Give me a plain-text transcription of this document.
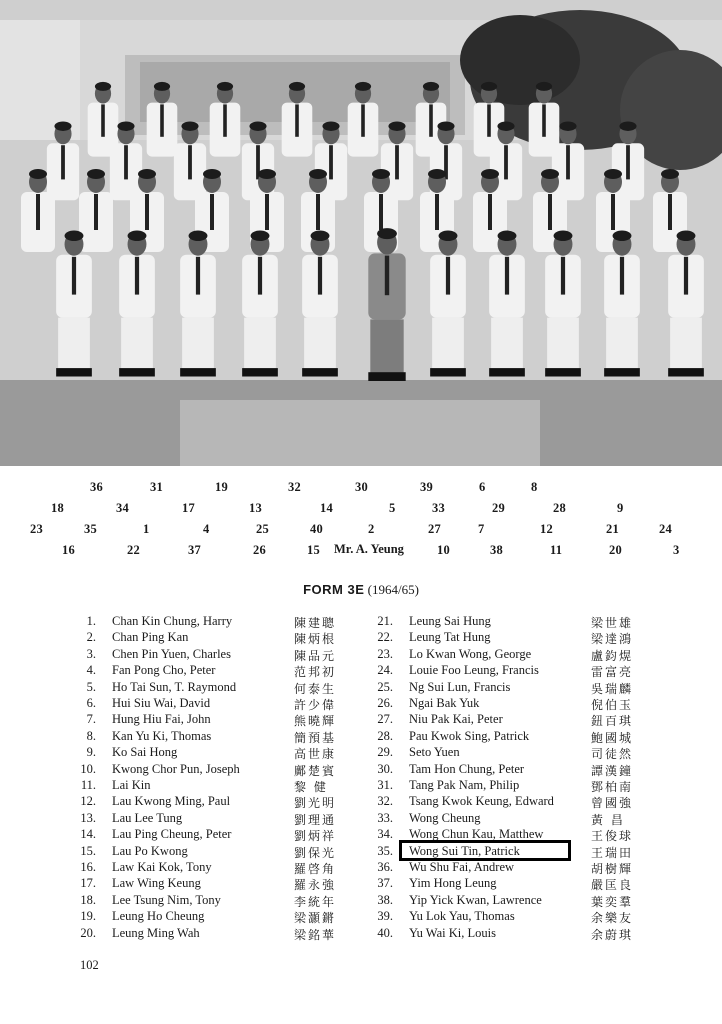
36	31	19	32	30	39	6	8
18	34	17	13	14	5	33	29	28	9
23	35	1	4	25	40	2	27	7	12	21	24
16	22	37	26	15	10	38	11	20	3
Mr. A. Yeung
FORM 3E (1964/65)
1. Chan Kin Chung, Harry	陳建聰
2. Chan Ping Kan	陳炳根
3. Chen Pin Yuen, Charles	陳品元
4. Fan Pong Cho, Peter	范邦初
5. Ho Tai Sun, T. Raymond	何泰生
6. Hui Siu Wai, David	許少偉
7. Hung Hiu Fai, John	熊曉輝
8. Kan Yu Ki, Thomas	簡預基
9. Ko Sai Hong	高世康
10. Kwong Chor Pun, Joseph	鄺楚賓
11. Lai Kin	黎 健
12. Lau Kwong Ming, Paul	劉光明
13. Lau Lee Tung	劉理通
14. Lau Ping Cheung, Peter	劉炳祥
15. Lau Po Kwong	劉保光
16. Law Kai Kok, Tony	羅啓角
17. Law Wing Keung	羅永強
18. Lee Tsung Nim, Tony	李統年
19. Leung Ho Cheung	梁灝鏘
20. Leung Ming Wah	梁銘華
21. Leung Sai Hung	梁世雄
22. Leung Tat Hung	梁達鴻
23. Lo Kwan Wong, George	盧鈞熀
24. Louie Foo Leung, Francis	雷富亮
25. Ng Sui Lun, Francis	吳瑞麟
26. Ngai Bak Yuk	倪伯玉
27. Niu Pak Kai, Peter	鈕百琪
28. Pau Kwok Sing, Patrick	鮑國城
29. Seto Yuen	司徒然
30. Tam Hon Chung, Peter	譚漢鐘
31. Tang Pak Nam, Philip	鄧柏南
32. Tsang Kwok Keung, Edward	曾國強
33. Wong Cheung	黃 昌
34. Wong Chun Kau, Matthew	王俊球
35. Wong Sui Tin, Patrick	王瑞田
36. Wu Shu Fai, Andrew	胡樹輝
37. Yim Hong Leung	嚴匡良
38. Yip Yick Kwan, Lawrence	葉奕羣
39. Yu Lok Yau, Thomas	余樂友
40. Yu Wai Ki, Louis	余蔚琪
102
